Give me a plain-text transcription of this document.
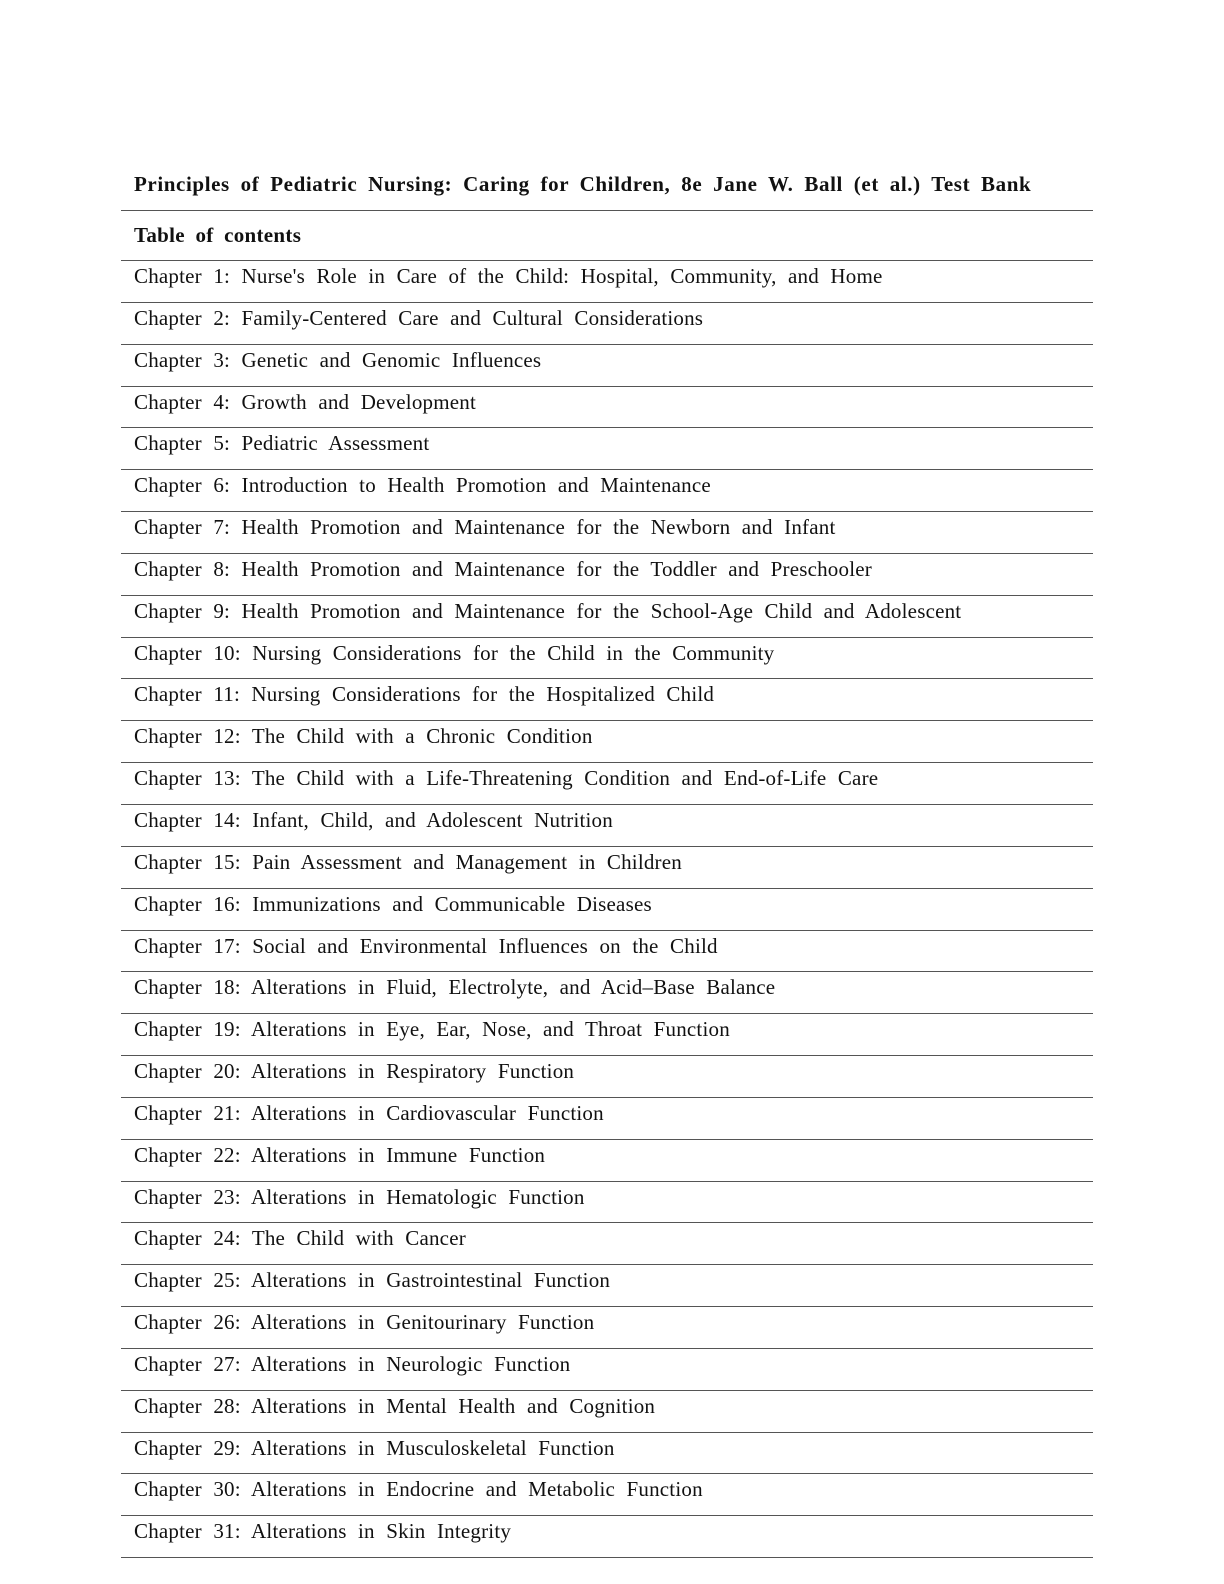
Principles of Pediatric Nursing: Caring for Children, 8e Jane W. Ball (et al.) Test Bank
Table of contents
Chapter 1: Nurse's Role in Care of the Child: Hospital, Community, and Home
Chapter 2: Family-Centered Care and Cultural Considerations
Chapter 3: Genetic and Genomic Influences
Chapter 4: Growth and Development
Chapter 5: Pediatric Assessment
Chapter 6: Introduction to Health Promotion and Maintenance
Chapter 7: Health Promotion and Maintenance for the Newborn and Infant
Chapter 8: Health Promotion and Maintenance for the Toddler and Preschooler
Chapter 9: Health Promotion and Maintenance for the School-Age Child and Adolescent
Chapter 10: Nursing Considerations for the Child in the Community
Chapter 11: Nursing Considerations for the Hospitalized Child
Chapter 12: The Child with a Chronic Condition
Chapter 13: The Child with a Life-Threatening Condition and End-of-Life Care
Chapter 14: Infant, Child, and Adolescent Nutrition
Chapter 15: Pain Assessment and Management in Children
Chapter 16: Immunizations and Communicable Diseases
Chapter 17: Social and Environmental Influences on the Child
Chapter 18: Alterations in Fluid, Electrolyte, and Acid–Base Balance
Chapter 19: Alterations in Eye, Ear, Nose, and Throat Function
Chapter 20: Alterations in Respiratory Function
Chapter 21: Alterations in Cardiovascular Function
Chapter 22: Alterations in Immune Function
Chapter 23: Alterations in Hematologic Function
Chapter 24: The Child with Cancer
Chapter 25: Alterations in Gastrointestinal Function
Chapter 26: Alterations in Genitourinary Function
Chapter 27: Alterations in Neurologic Function
Chapter 28: Alterations in Mental Health and Cognition
Chapter 29: Alterations in Musculoskeletal Function
Chapter 30: Alterations in Endocrine and Metabolic Function
Chapter 31: Alterations in Skin Integrity
